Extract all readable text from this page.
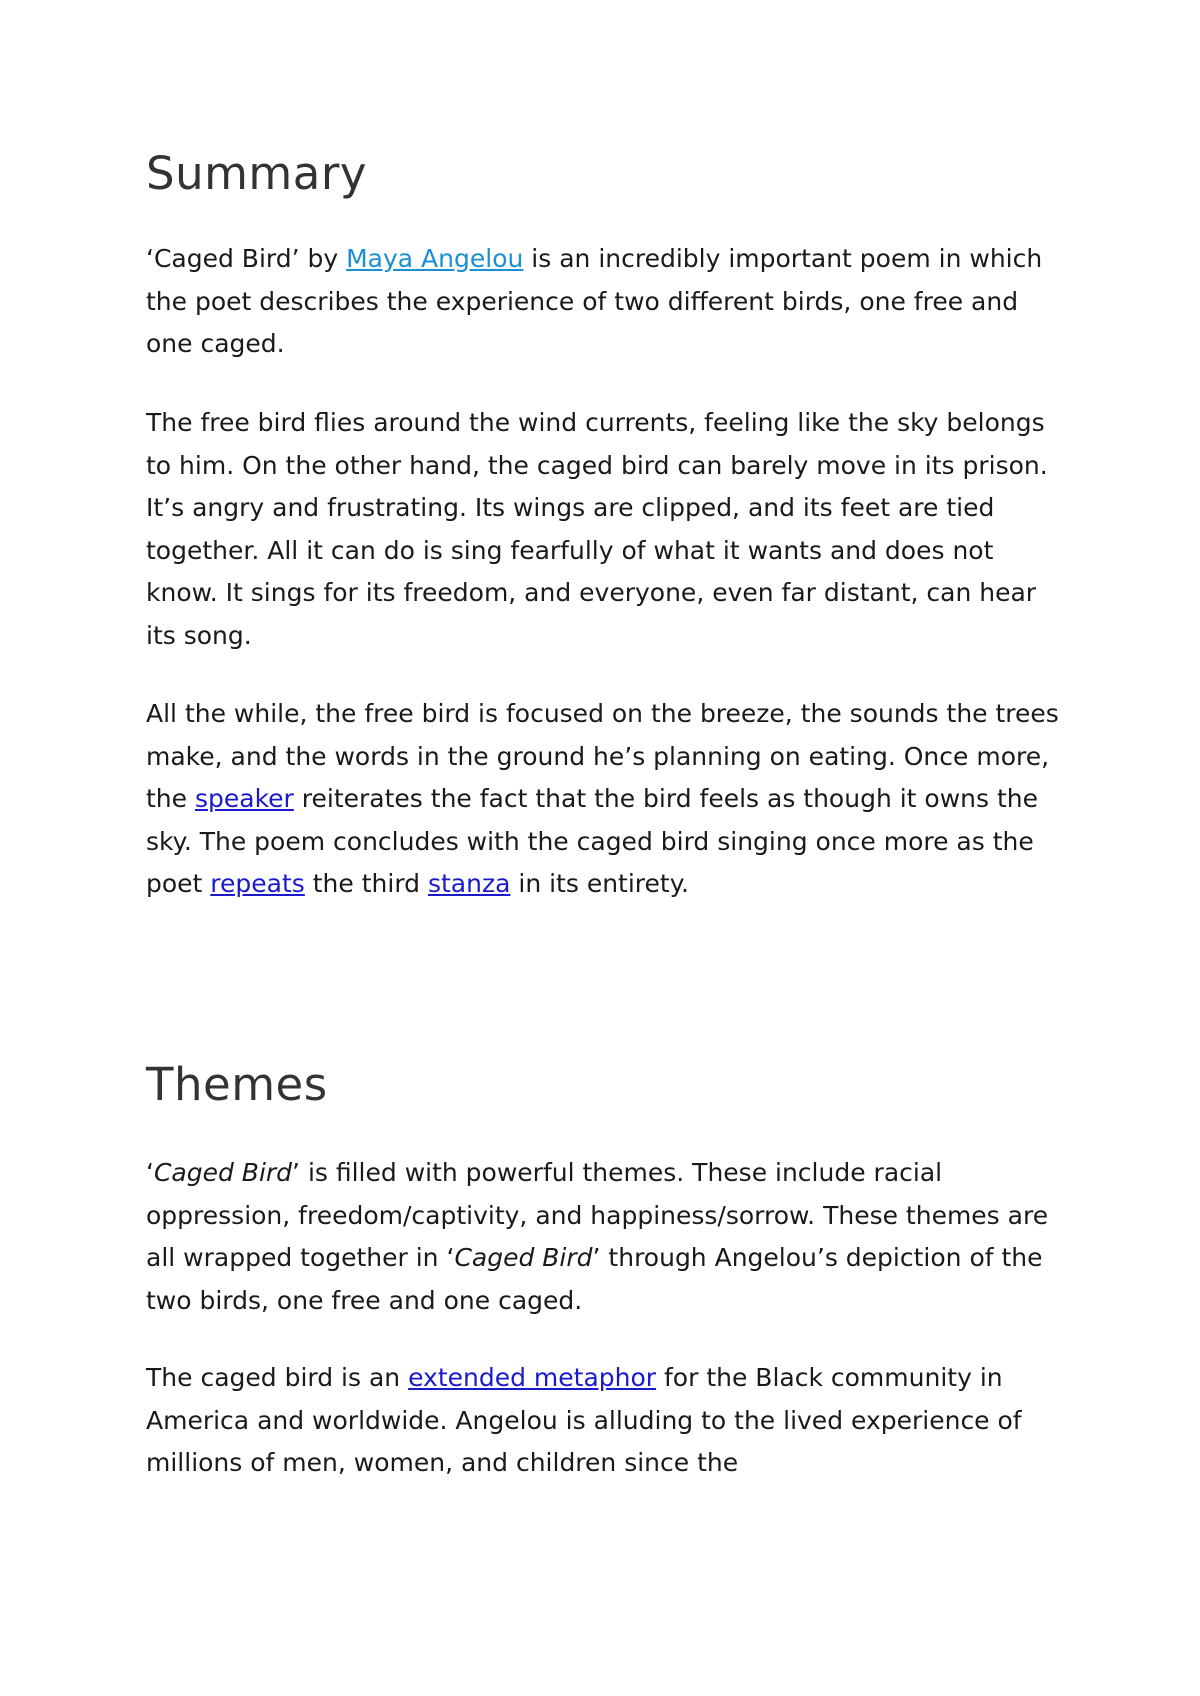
Summary

‘Caged Bird’ by Maya Angelou is an incredibly important poem in which the poet describes the experience of two different birds, one free and one caged.

The free bird flies around the wind currents, feeling like the sky belongs to him. On the other hand, the caged bird can barely move in its prison. It’s angry and frustrating. Its wings are clipped, and its feet are tied together. All it can do is sing fearfully of what it wants and does not know. It sings for its freedom, and everyone, even far distant, can hear its song.

All the while, the free bird is focused on the breeze, the sounds the trees make, and the words in the ground he’s planning on eating. Once more, the speaker reiterates the fact that the bird feels as though it owns the sky. The poem concludes with the caged bird singing once more as the poet repeats the third stanza in its entirety.

Themes

‘Caged Bird’ is filled with powerful themes. These include racial oppression, freedom/captivity, and happiness/sorrow. These themes are all wrapped together in ‘Caged Bird’ through Angelou’s depiction of the two birds, one free and one caged.

The caged bird is an extended metaphor for the Black community in America and worldwide. Angelou is alluding to the lived experience of millions of men, women, and children since the
